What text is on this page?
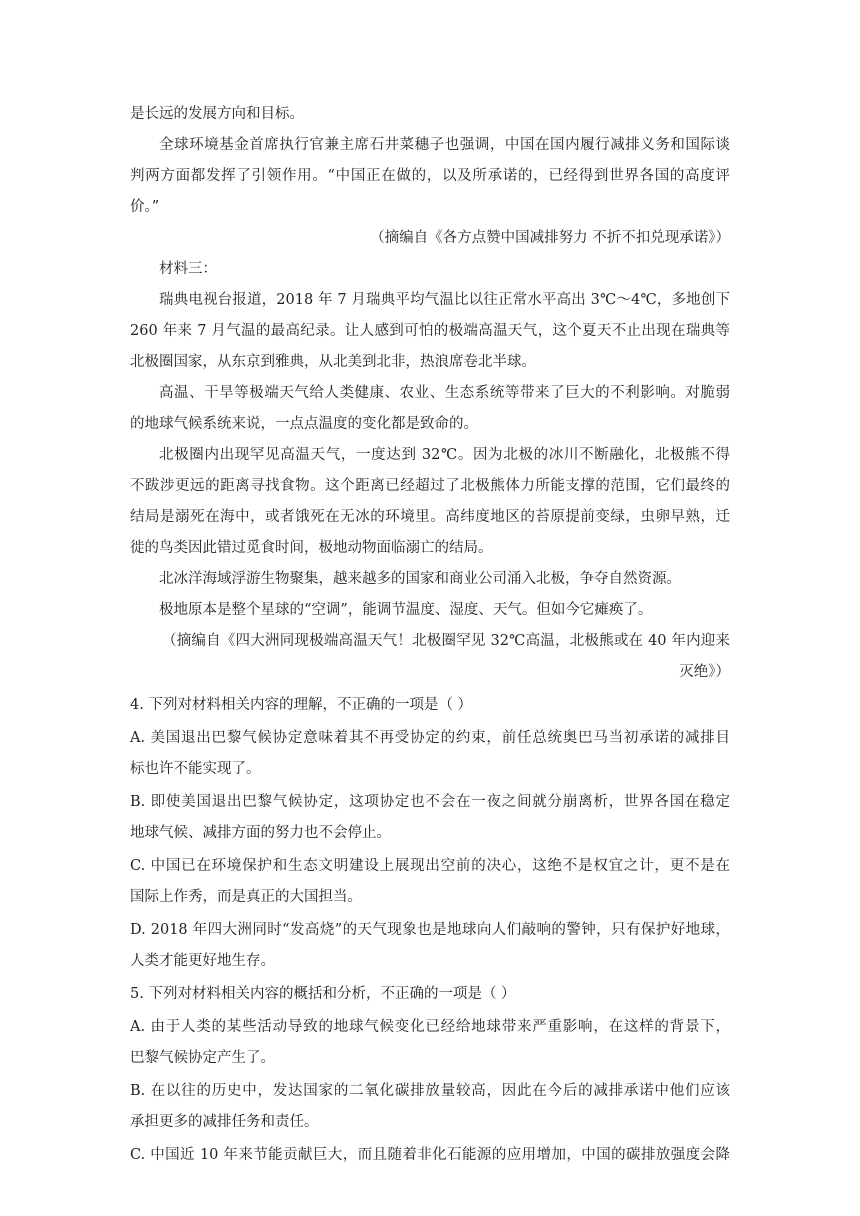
是长远的发展方向和目标。
全球环境基金首席执行官兼主席石井菜穗子也强调，中国在国内履行减排义务和国际谈
判两方面都发挥了引领作用。“中国正在做的，以及所承诺的，已经得到世界各国的高度评
价。”
（摘编自《各方点赞中国减排努力 不折不扣兑现承诺》）
材料三：
瑞典电视台报道，2018 年 7 月瑞典平均气温比以往正常水平高出 3℃～4℃，多地创下
260 年来 7 月气温的最高纪录。让人感到可怕的极端高温天气，这个夏天不止出现在瑞典等
北极圈国家，从东京到雅典，从北美到北非，热浪席卷北半球。
高温、干旱等极端天气给人类健康、农业、生态系统等带来了巨大的不利影响。对脆弱
的地球气候系统来说，一点点温度的变化都是致命的。
北极圈内出现罕见高温天气，一度达到 32℃。因为北极的冰川不断融化，北极熊不得
不跋涉更远的距离寻找食物。这个距离已经超过了北极熊体力所能支撑的范围，它们最终的
结局是溺死在海中，或者饿死在无冰的环境里。高纬度地区的苔原提前变绿，虫卵早熟，迁
徙的鸟类因此错过觅食时间，极地动物面临溺亡的结局。
北冰洋海域浮游生物聚集，越来越多的国家和商业公司涌入北极，争夺自然资源。
极地原本是整个星球的“空调”，能调节温度、湿度、天气。但如今它瘫痪了。
（摘编自《四大洲同现极端高温天气！北极圈罕见 32℃高温，北极熊或在 40 年内迎来
灭绝》）
4. 下列对材料相关内容的理解，不正确的一项是（ ）
A. 美国退出巴黎气候协定意味着其不再受协定的约束，前任总统奥巴马当初承诺的减排目
标也许不能实现了。
B. 即使美国退出巴黎气候协定，这项协定也不会在一夜之间就分崩离析，世界各国在稳定
地球气候、减排方面的努力也不会停止。
C. 中国已在环境保护和生态文明建设上展现出空前的决心，这绝不是权宜之计，更不是在
国际上作秀，而是真正的大国担当。
D. 2018 年四大洲同时“发高烧”的天气现象也是地球向人们敲响的警钟，只有保护好地球，
人类才能更好地生存。
5. 下列对材料相关内容的概括和分析，不正确的一项是（ ）
A. 由于人类的某些活动导致的地球气候变化已经给地球带来严重影响，在这样的背景下，
巴黎气候协定产生了。
B. 在以往的历史中，发达国家的二氧化碳排放量较高，因此在今后的减排承诺中他们应该
承担更多的减排任务和责任。
C. 中国近 10 年来节能贡献巨大，而且随着非化石能源的应用增加，中国的碳排放强度会降
